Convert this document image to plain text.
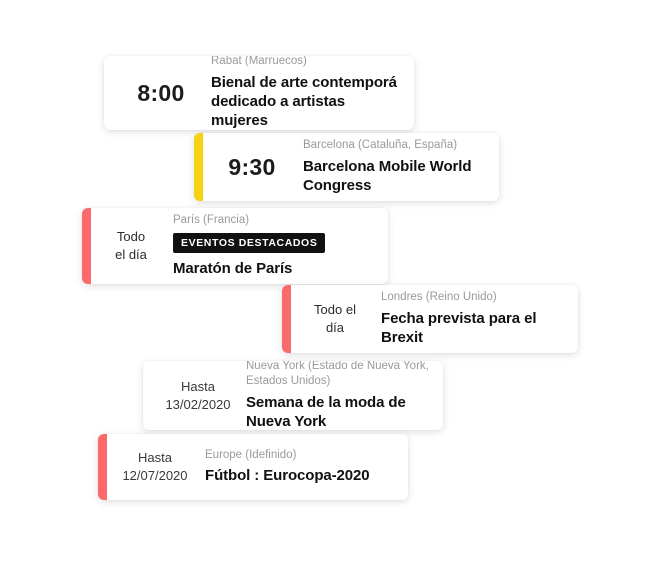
8:00
Rabat (Marruecos)
Bienal de arte contemporá dedicado a artistas mujeres
9:30
Barcelona (Cataluña, España)
Barcelona Mobile World Congress
Todo
el día
París (Francia)
EVENTOS DESTACADOS
Maratón de París
Todo el
día
Londres (Reino Unido)
Fecha prevista para el Brexit
Hasta
13/02/2020
Nueva York (Estado de Nueva York, Estados Unidos)
Semana de la moda de Nueva York
Hasta
12/07/2020
Europe (Idefinido)
Fútbol : Eurocopa-2020
